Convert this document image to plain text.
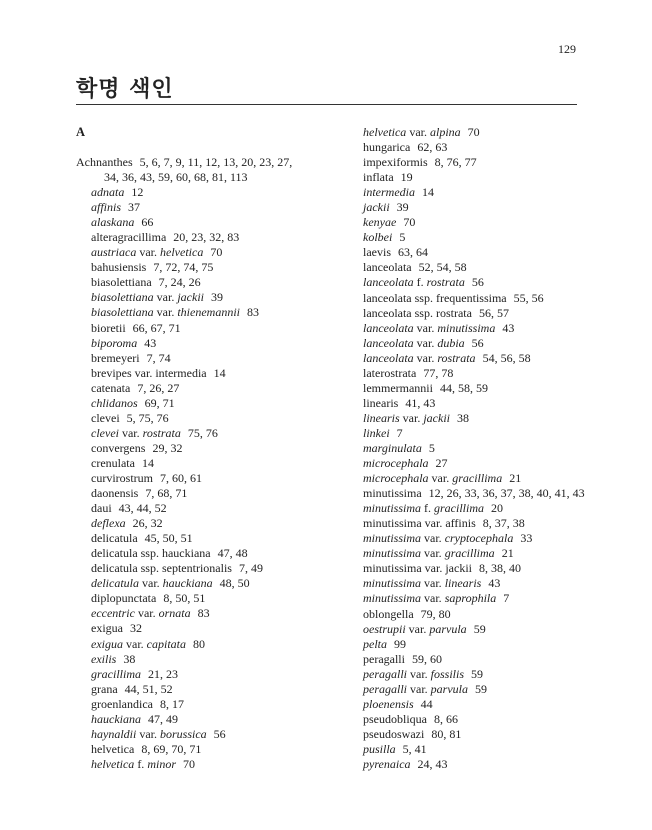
129
학명 색인
A
Achnanthes 5, 6, 7, 9, 11, 12, 13, 20, 23, 27,
34, 36, 43, 59, 60, 68, 81, 113
adnata 12
affinis 37
alaskana 66
alteragracillima 20, 23, 32, 83
austriaca var. helvetica 70
bahusiensis 7, 72, 74, 75
biasolettiana 7, 24, 26
biasolettiana var. jackii 39
biasolettiana var. thienemannii 83
bioretii 66, 67, 71
biporoma 43
bremeyeri 7, 74
brevipes var. intermedia 14
catenata 7, 26, 27
chlidanos 69, 71
clevei 5, 75, 76
clevei var. rostrata 75, 76
convergens 29, 32
crenulata 14
curvirostrum 7, 60, 61
daonensis 7, 68, 71
daui 43, 44, 52
deflexa 26, 32
delicatula 45, 50, 51
delicatula ssp. hauckiana 47, 48
delicatula ssp. septentrionalis 7, 49
delicatula var. hauckiana 48, 50
diplopunctata 8, 50, 51
eccentric var. ornata 83
exigua 32
exigua var. capitata 80
exilis 38
gracillima 21, 23
grana 44, 51, 52
groenlandica 8, 17
hauckiana 47, 49
haynaldii var. borussica 56
helvetica 8, 69, 70, 71
helvetica f. minor 70
helvetica var. alpina 70
hungarica 62, 63
impexiformis 8, 76, 77
inflata 19
intermedia 14
jackii 39
kenyae 70
kolbei 5
laevis 63, 64
lanceolata 52, 54, 58
lanceolata f. rostrata 56
lanceolata ssp. frequentissima 55, 56
lanceolata ssp. rostrata 56, 57
lanceolata var. minutissima 43
lanceolata var. dubia 56
lanceolata var. rostrata 54, 56, 58
laterostrata 77, 78
lemmermannii 44, 58, 59
linearis 41, 43
linearis var. jackii 38
linkei 7
marginulata 5
microcephala 27
microcephala var. gracillima 21
minutissima 12, 26, 33, 36, 37, 38, 40, 41, 43
minutissima f. gracillima 20
minutissima var. affinis 8, 37, 38
minutissima var. cryptocephala 33
minutissima var. gracillima 21
minutissima var. jackii 8, 38, 40
minutissima var. linearis 43
minutissima var. saprophila 7
oblongella 79, 80
oestrupii var. parvula 59
pelta 99
peragalli 59, 60
peragalli var. fossilis 59
peragalli var. parvula 59
ploenensis 44
pseudobliqua 8, 66
pseudoswazi 80, 81
pusilla 5, 41
pyrenaica 24, 43
